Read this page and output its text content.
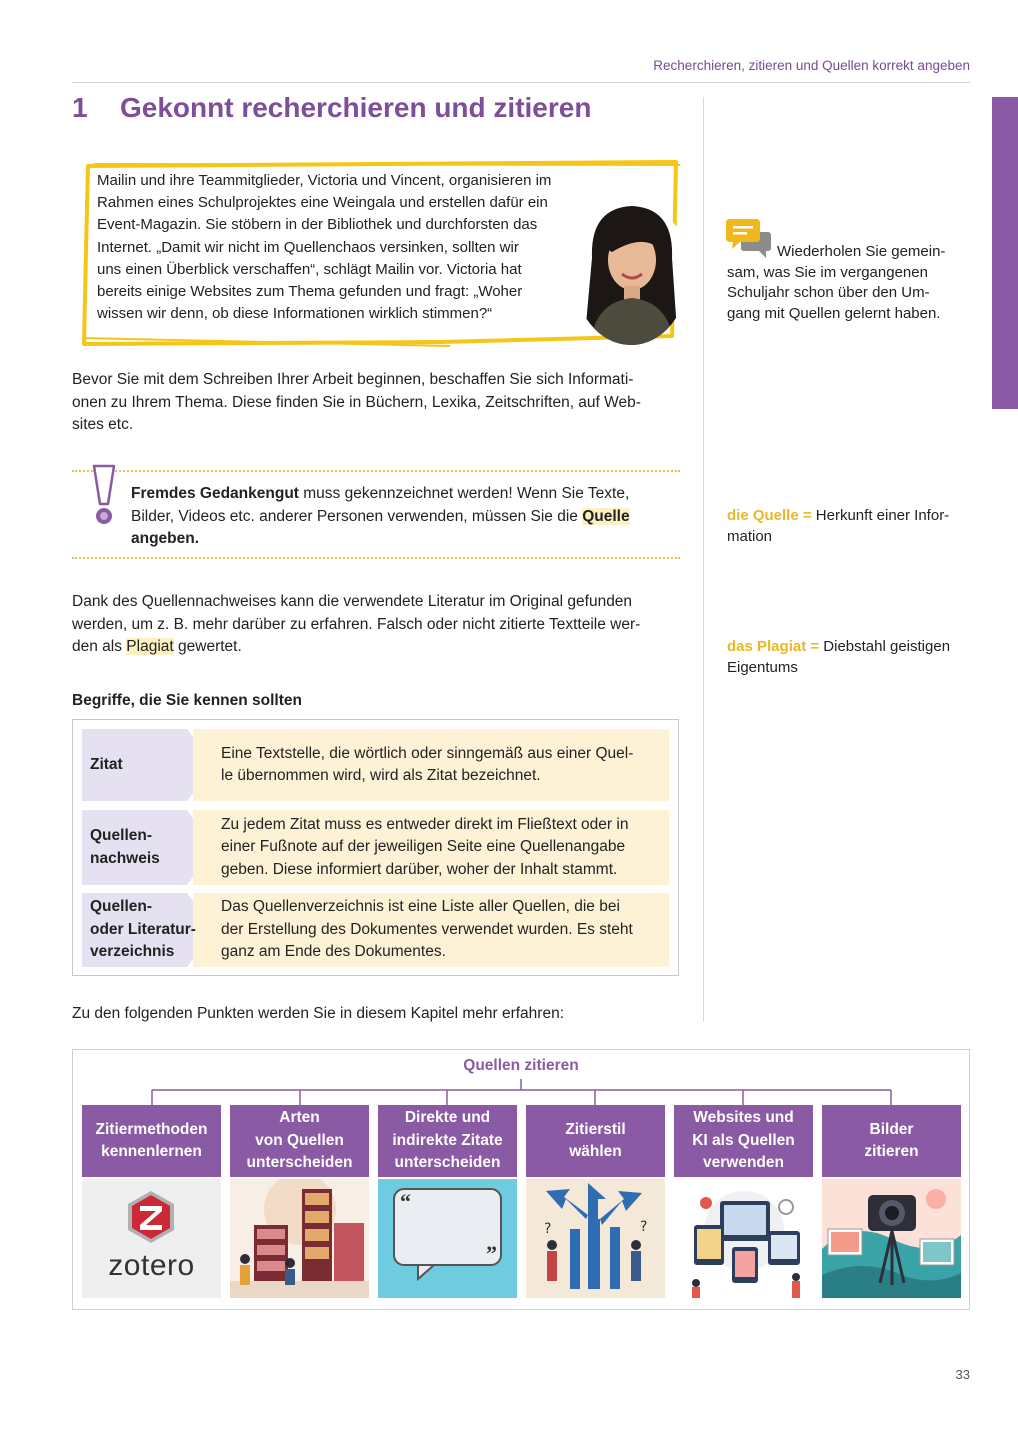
Recherchieren, zitieren und Quellen korrekt angeben
1 Gekonnt recherchieren und zitieren
Mailin und ihre Teammitglieder, Victoria und Vincent, organisieren im
Rahmen eines Schulprojektes eine Weingala und erstellen dafür ein
Event-Magazin. Sie stöbern in der Bibliothek und durchforsten das
Internet. „Damit wir nicht im Quellenchaos versinken, sollten wir
uns einen Überblick verschaffen“, schlägt Mailin vor. Victoria hat
bereits einige Websites zum Thema gefunden und fragt: „Woher
wissen wir denn, ob diese Informationen wirklich stimmen?“
Bevor Sie mit dem Schreiben Ihrer Arbeit beginnen, beschaffen Sie sich Informati-
onen zu Ihrem Thema. Diese finden Sie in Büchern, Lexika, Zeitschriften, auf Web-
sites etc.
Fremdes Gedankengut muss gekennzeichnet werden! Wenn Sie Texte,
Bilder, Videos etc. anderer Personen verwenden, müssen Sie die Quelle
angeben.
Dank des Quellennachweises kann die verwendete Literatur im Original gefunden
werden, um z. B. mehr darüber zu erfahren. Falsch oder nicht zitierte Textteile wer-
den als Plagiat gewertet.
Begriffe, die Sie kennen sollten
Eine Textstelle, die wörtlich oder sinngemäß aus einer Quel-
le übernommen wird, wird als Zitat bezeichnet.
Zitat
Zu jedem Zitat muss es entweder direkt im Fließtext oder in
einer Fußnote auf der jeweiligen Seite eine Quellenangabe
geben. Diese informiert darüber, woher der Inhalt stammt.
Quellen-
nachweis
Das Quellenverzeichnis ist eine Liste aller Quellen, die bei
der Erstellung des Dokumentes verwendet wurden. Es steht
ganz am Ende des Dokumentes.
Quellen-
oder Literatur-
verzeichnis
Zu den folgenden Punkten werden Sie in diesem Kapitel mehr erfahren:
Quellen zitieren
Zitiermethoden
kennenlernen
zotero
Arten
von Quellen
unterscheiden
Direkte und
indirekte Zitate
unterscheiden
“
”
Zitierstil
wählen
?	?
Websites und
KI als Quellen
verwenden
Bilder
zitieren
Wiederholen Sie gemein-
sam, was Sie im vergangenen
Schuljahr schon über den Um-
gang mit Quellen gelernt haben.
die Quelle = Herkunft einer Infor-
mation
das Plagiat = Diebstahl geistigen
Eigentums
33
